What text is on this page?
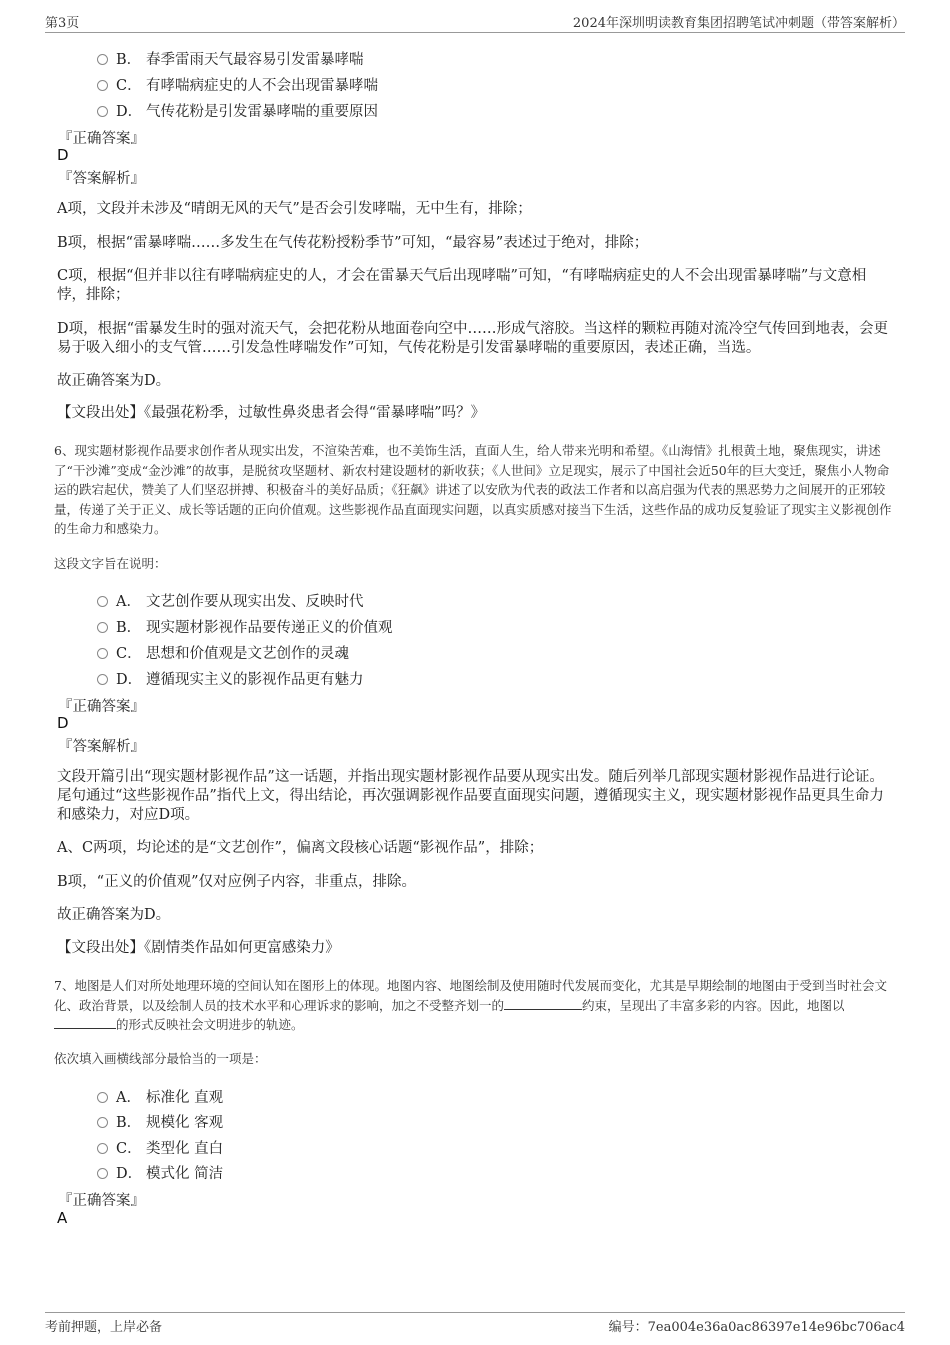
第3页	2024年深圳明读教育集团招聘笔试冲刺题（带答案解析）
B． 春季雷雨天气最容易引发雷暴哮喘
C． 有哮喘病症史的人不会出现雷暴哮喘
D． 气传花粉是引发雷暴哮喘的重要原因
『正确答案』
D
『答案解析』
A项，文段并未涉及“晴朗无风的天气”是否会引发哮喘，无中生有，排除；
B项，根据“雷暴哮喘……多发生在气传花粉授粉季节”可知，“最容易”表述过于绝对，排除；
C项，根据“但并非以往有哮喘病症史的人，才会在雷暴天气后出现哮喘”可知，“有哮喘病症史的人不会出现雷暴哮喘”与文意相悖，排除；
D项，根据“雷暴发生时的强对流天气，会把花粉从地面卷向空中……形成气溶胶。当这样的颗粒再随对流冷空气传回到地表，会更易于吸入细小的支气管……引发急性哮喘发作”可知，气传花粉是引发雷暴哮喘的重要原因，表述正确，当选。
故正确答案为D。
【文段出处】《最强花粉季，过敏性鼻炎患者会得“雷暴哮喘”吗？》
6、现实题材影视作品要求创作者从现实出发，不渲染苦难，也不美饰生活，直面人生，给人带来光明和希望。《山海情》扎根黄土地，聚焦现实，讲述了“干沙滩”变成“金沙滩”的故事，是脱贫攻坚题材、新农村建设题材的新收获；《人世间》立足现实，展示了中国社会近50年的巨大变迁，聚焦小人物命运的跌宕起伏，赞美了人们坚忍拼搏、积极奋斗的美好品质；《狂飙》讲述了以安欣为代表的政法工作者和以高启强为代表的黑恶势力之间展开的正邪较量，传递了关于正义、成长等话题的正向价值观。这些影视作品直面现实问题，以真实质感对接当下生活，这些作品的成功反复验证了现实主义影视创作的生命力和感染力。
这段文字旨在说明：
A． 文艺创作要从现实出发、反映时代
B． 现实题材影视作品要传递正义的价值观
C． 思想和价值观是文艺创作的灵魂
D． 遵循现实主义的影视作品更有魅力
『正确答案』
D
『答案解析』
文段开篇引出“现实题材影视作品”这一话题，并指出现实题材影视作品要从现实出发。随后列举几部现实题材影视作品进行论证。尾句通过“这些影视作品”指代上文，得出结论，再次强调影视作品要直面现实问题，遵循现实主义，现实题材影视作品更具生命力和感染力，对应D项。
A、C两项，均论述的是“文艺创作”，偏离文段核心话题“影视作品”，排除；
B项，“正义的价值观”仅对应例子内容，非重点，排除。
故正确答案为D。
【文段出处】《剧情类作品如何更富感染力》
7、地图是人们对所处地理环境的空间认知在图形上的体现。地图内容、地图绘制及使用随时代发展而变化，尤其是早期绘制的地图由于受到当时社会文化、政治背景，以及绘制人员的技术水平和心理诉求的影响，加之不受整齐划一的	约束，呈现出了丰富多彩的内容。因此，地图以的形式反映社会文明进步的轨迹。
依次填入画横线部分最恰当的一项是：
A． 标准化 直观
B． 规模化 客观
C． 类型化 直白
D． 模式化 简洁
『正确答案』
A
考前押题，上岸必备	编号：7ea004e36a0ac86397e14e96bc706ac4
